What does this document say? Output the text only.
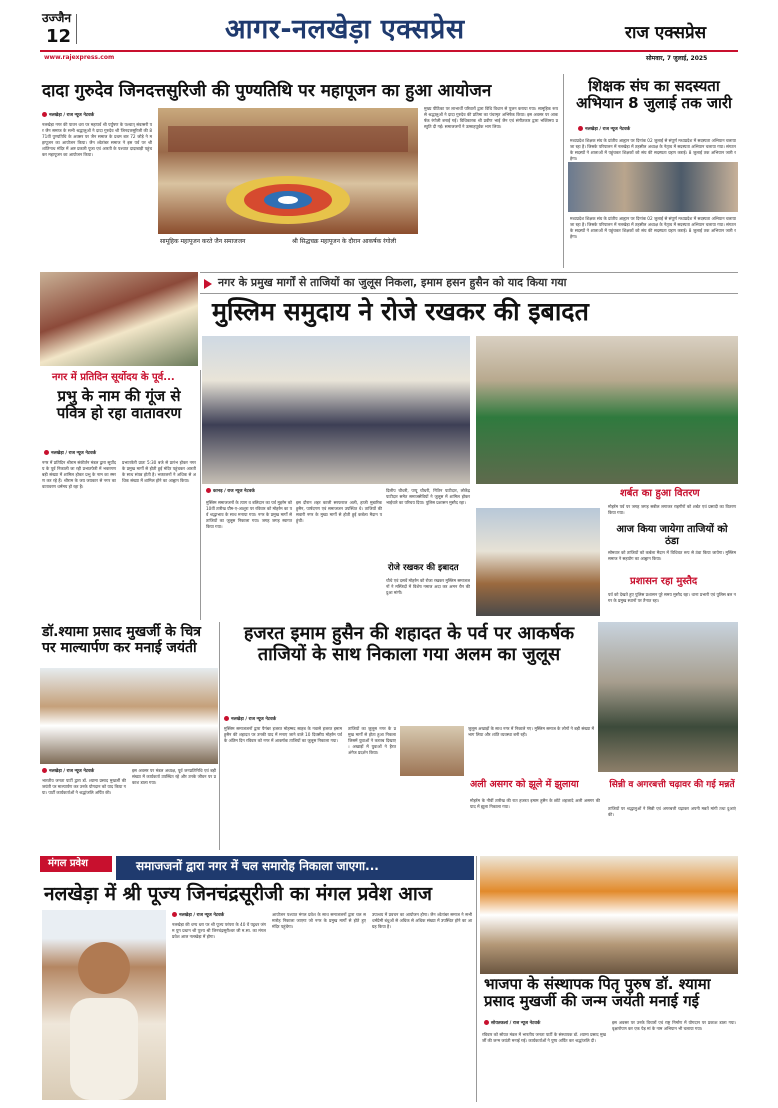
उज्जैन
12	आगर-नलखेड़ा एक्सप्रेस	राज एक्सप्रेस
www.rajexpress.com	सोमवार, 7 जुलाई, 2025
दादा गुरुदेव जिनदत्तसुरिजी की पुण्यतिथि पर महापूजन का हुआ आयोजन
नलखेड़ा / राज न्यूज नेटवर्क
नलखेड़ा नगर की पावन धरा पर महापर्व श्री पर्युषण के पश्चात् संवत्सरी पर जैन समाज के सभी श्रद्धालुओं ने दादा गुरुदेव श्री जिनदत्तसूरिजी की 871वीं पुण्यतिथि के अवसर पर जैन समाज के प्रथम बार 72 जोड़े ने महापूजन का आयोजन किया। जैन श्वेतांबर समाज ने इस पर्व पर श्री शांतिनाथ मंदिर में अष्ट प्रकारी पूजा एवं आरती के पश्चात दादाबाड़ी पहुंचकर महापूजन का आयोजन किया।
सामूहिक महापूजन करते जैन समाजजन	श्री सिद्धचक्र महापूजन के दौरान आकर्षक रंगोली
मुख्य पीठिका पर लाभार्थी परिवारों द्वारा विधि विधान से पूजन कराया गया। सामूहिक रूप से श्रद्धालुओं ने दादा गुरुदेव की प्रतिमा का पंचामृत अभिषेक किया। इस अवसर पर आकर्षक रंगोली बनाई गई। विधिकारक श्री प्रवीण भाई जैन एवं संगीतकार द्वारा भक्तिमय प्रस्तुति दी गई। समाजजनों ने उत्साहपूर्वक भाग लिया।
शिक्षक संघ का सदस्यता अभियान 8 जुलाई तक जारी
नलखेड़ा / राज न्यूज नेटवर्क
मध्यप्रदेश शिक्षक संघ के प्रांतीय आह्वान पर दिनांक 02 जुलाई से संपूर्ण मध्यप्रदेश में सदस्यता अभियान चलाया जा रहा है। जिसके परिपालन में नलखेड़ा में तहसील अध्यक्ष के नेतृत्व में सदस्यता अभियान चलाया गया। संगठन के सदस्यों ने शालाओं में पहुंचकर शिक्षकों को संघ की सदस्यता ग्रहण कराई। 8 जुलाई तक अभियान जारी रहेगा।
मध्यप्रदेश शिक्षक संघ के प्रांतीय आह्वान पर दिनांक 02 जुलाई से संपूर्ण मध्यप्रदेश में सदस्यता अभियान चलाया जा रहा है। जिसके परिपालन में नलखेड़ा में तहसील अध्यक्ष के नेतृत्व में सदस्यता अभियान चलाया गया। संगठन के सदस्यों ने शालाओं में पहुंचकर शिक्षकों को संघ की सदस्यता ग्रहण कराई। 8 जुलाई तक अभियान जारी रहेगा।
नगर के प्रमुख मार्गों से ताजियों का जुलूस निकला, इमाम हसन हुसैन को याद किया गया
मुस्लिम समुदाय ने रोजे रखकर की इबादत
नगर में प्रतिदिन सूर्योदय के पूर्व...
प्रभु के नाम की गूंज से पवित्र हो रहा वातावरण
नलखेड़ा / राज न्यूज नेटवर्क
नगर में प्रतिदिन श्रीराम संकीर्तन मंडल द्वारा सूर्योदय के पूर्व निकाली जा रही प्रभातफेरी में भक्तगण बड़ी संख्या में शामिल होकर प्रभु के नाम का स्मरण कर रहे हैं। श्रीराम के जय जयकार से नगर का वातावरण धर्ममय हो रहा है।
प्रभातफेरी प्रातः 5:30 बजे से प्रारंभ होकर नगर के प्रमुख मार्गों से होती हुई मंदिर पहुंचकर आरती के साथ संपन्न होती है। भक्तजनों ने अधिक से अधिक संख्या में शामिल होने का आह्वान किया।
कानड़ / राज न्यूज नेटवर्क
मुस्लिम समाजजनों के त्याग व बलिदान का पर्व मुहर्रम को 10वीं तारीख यौम-ए-आशूरा पर रविवार को मोहर्रम का पर्व श्रद्धाभाव के साथ मनाया गया। नगर के प्रमुख मार्गों से ताजियों का जुलूस निकाला गया। जगह जगह स्वागत किया गया।
इस दौरान शहर काजी सरफराज अली, हाजी मुबारिक हुसैन, पार्षदगण एवं समाजजन उपस्थित थे। ताजियों की सवारी नगर के मुख्य मार्गों से होती हुई कर्बला मैदान पहुंची।
दिलीप चौधरी, पप्पू चौधरी, नितिन पाटीदार, लोकेंद्र पाटीदार समेत समाजसेवियों ने जुलूस में शामिल होकर भाईचारे का परिचय दिया। पुलिस प्रशासन मुस्तैद रहा।
रोजे रखकर की इबादत
चौथे एवं दसवें मोहर्रम को रोजा रखकर मुस्लिम समाजजनों ने मस्जिदों में विशेष नमाज अदा कर अमन चैन की दुआ मांगी।
शर्बत का हुआ वितरण
मोहर्रम पर्व पर जगह जगह सबील लगाकर राहगीरों को शर्बत एवं प्रसादी का वितरण किया गया।
आज किया जायेगा ताजियों को ठंडा
सोमवार को ताजियों को कर्बला मैदान में विधिवत रूप से ठंडा किया जायेगा। मुस्लिम समाज ने सहयोग का आह्वान किया।
प्रशासन रहा मुस्तैद
पर्व को देखते हुए पुलिस प्रशासन पूरे समय मुस्तैद रहा। थाना प्रभारी एवं पुलिस बल नगर के प्रमुख स्थानों पर तैनात रहा।
डॉ.श्यामा प्रसाद मुखर्जी के चित्र पर माल्यार्पण कर मनाई जयंती
नलखेड़ा / राज न्यूज नेटवर्क
भारतीय जनता पार्टी द्वारा डॉ. श्यामा प्रसाद मुखर्जी की जयंती पर माल्यार्पण कर उनके योगदान को याद किया गया। पार्टी कार्यकर्ताओं ने श्रद्धांजलि अर्पित की।
इस अवसर पर मंडल अध्यक्ष, पूर्व जनप्रतिनिधि एवं बड़ी संख्या में कार्यकर्ता उपस्थित रहे और उनके जीवन पर प्रकाश डाला गया।
हजरत इमाम हुसैन की शहादत के पर्व पर आकर्षक ताजियों के साथ निकाला गया अलम का जुलूस
नलखेड़ा / राज न्यूज नेटवर्क
मुस्लिम समाजजनों द्वारा पैगंबर हजरत मोहम्मद साहब के नवासे हजरत इमाम हुसैन की शहादत पर उनकी याद में मनाए जाने वाले 10 दिवसीय मोहर्रम पर्व के अंतिम दिन रविवार को नगर में आकर्षक ताजियों का जुलूस निकाला गया।
ताजियों का जुलूस नगर के प्रमुख मार्गों से होता हुआ निकला जिसमें युवाओं ने करतब दिखाए। अखाड़ों में युवाओं ने हैरत अंगेज प्रदर्शन किया।
जुलूस अखाड़ों के साथ नगर में निकाले गए। मुस्लिम समाज के लोगों ने बड़ी संख्या में भाग लिया और शांति व्यवस्था बनी रही।
अली असगर को झूले में झुलाया
मोहर्रम के नौवीं तारीख की रात हजरत इमाम हुसैन के छोटे शहजादे अली असगर की याद में झूला निकाला गया।
सिन्नी व अगरबत्ती चढ़ावर की गई मन्नतें
ताजियों पर श्रद्धालुओं ने सिन्नी एवं अगरबत्ती चढ़ाकर अपनी मन्नतें मांगी तथा दुआएं की।
मंगल प्रवेश	समाजजनों द्वारा नगर में चल समारोह निकाला जाएगा...
नलखेड़ा में श्री पूज्य जिनचंद्रसूरीजी का मंगल प्रवेश आज
नलखेड़ा / राज न्यूज नेटवर्क
नलखेड़ा की धन्य धरा पर श्री पूज्य परंपरा के 40 वें पट्टधर जंगम युग प्रधान श्री पूज्य श्री जिनचंद्रसूरीश्वर जी म.सा. का मंगल प्रवेश आज नलखेड़ा में होगा।
आयोजन पश्चात मंगल प्रवेश के साथ समाजजनों द्वारा चल समारोह निकाला जाएगा जो नगर के प्रमुख मार्गों से होते हुए मंदिर पहुंचेगा।
उपाश्रय में प्रवचन का आयोजन होगा। जैन श्वेतांबर समाज ने सभी धर्मप्रेमी बंधुओं से अधिक से अधिक संख्या में उपस्थित होने का आग्रह किया है।
भाजपा के संस्थापक पितृ पुरुष डॉ. श्यामा प्रसाद मुखर्जी की जन्म जयंती मनाई गई
सोयतकलां / राज न्यूज नेटवर्क
रविवार को सोयत मंडल में भारतीय जनता पार्टी के संस्थापक डॉ. श्यामा प्रसाद मुखर्जी की जन्म जयंती मनाई गई। कार्यकर्ताओं ने पुष्प अर्पित कर श्रद्धांजलि दी।
इस अवसर पर उनके विचारों एवं राष्ट्र निर्माण में योगदान पर प्रकाश डाला गया। वृक्षारोपण कर एक पेड़ मां के नाम अभियान भी चलाया गया।
